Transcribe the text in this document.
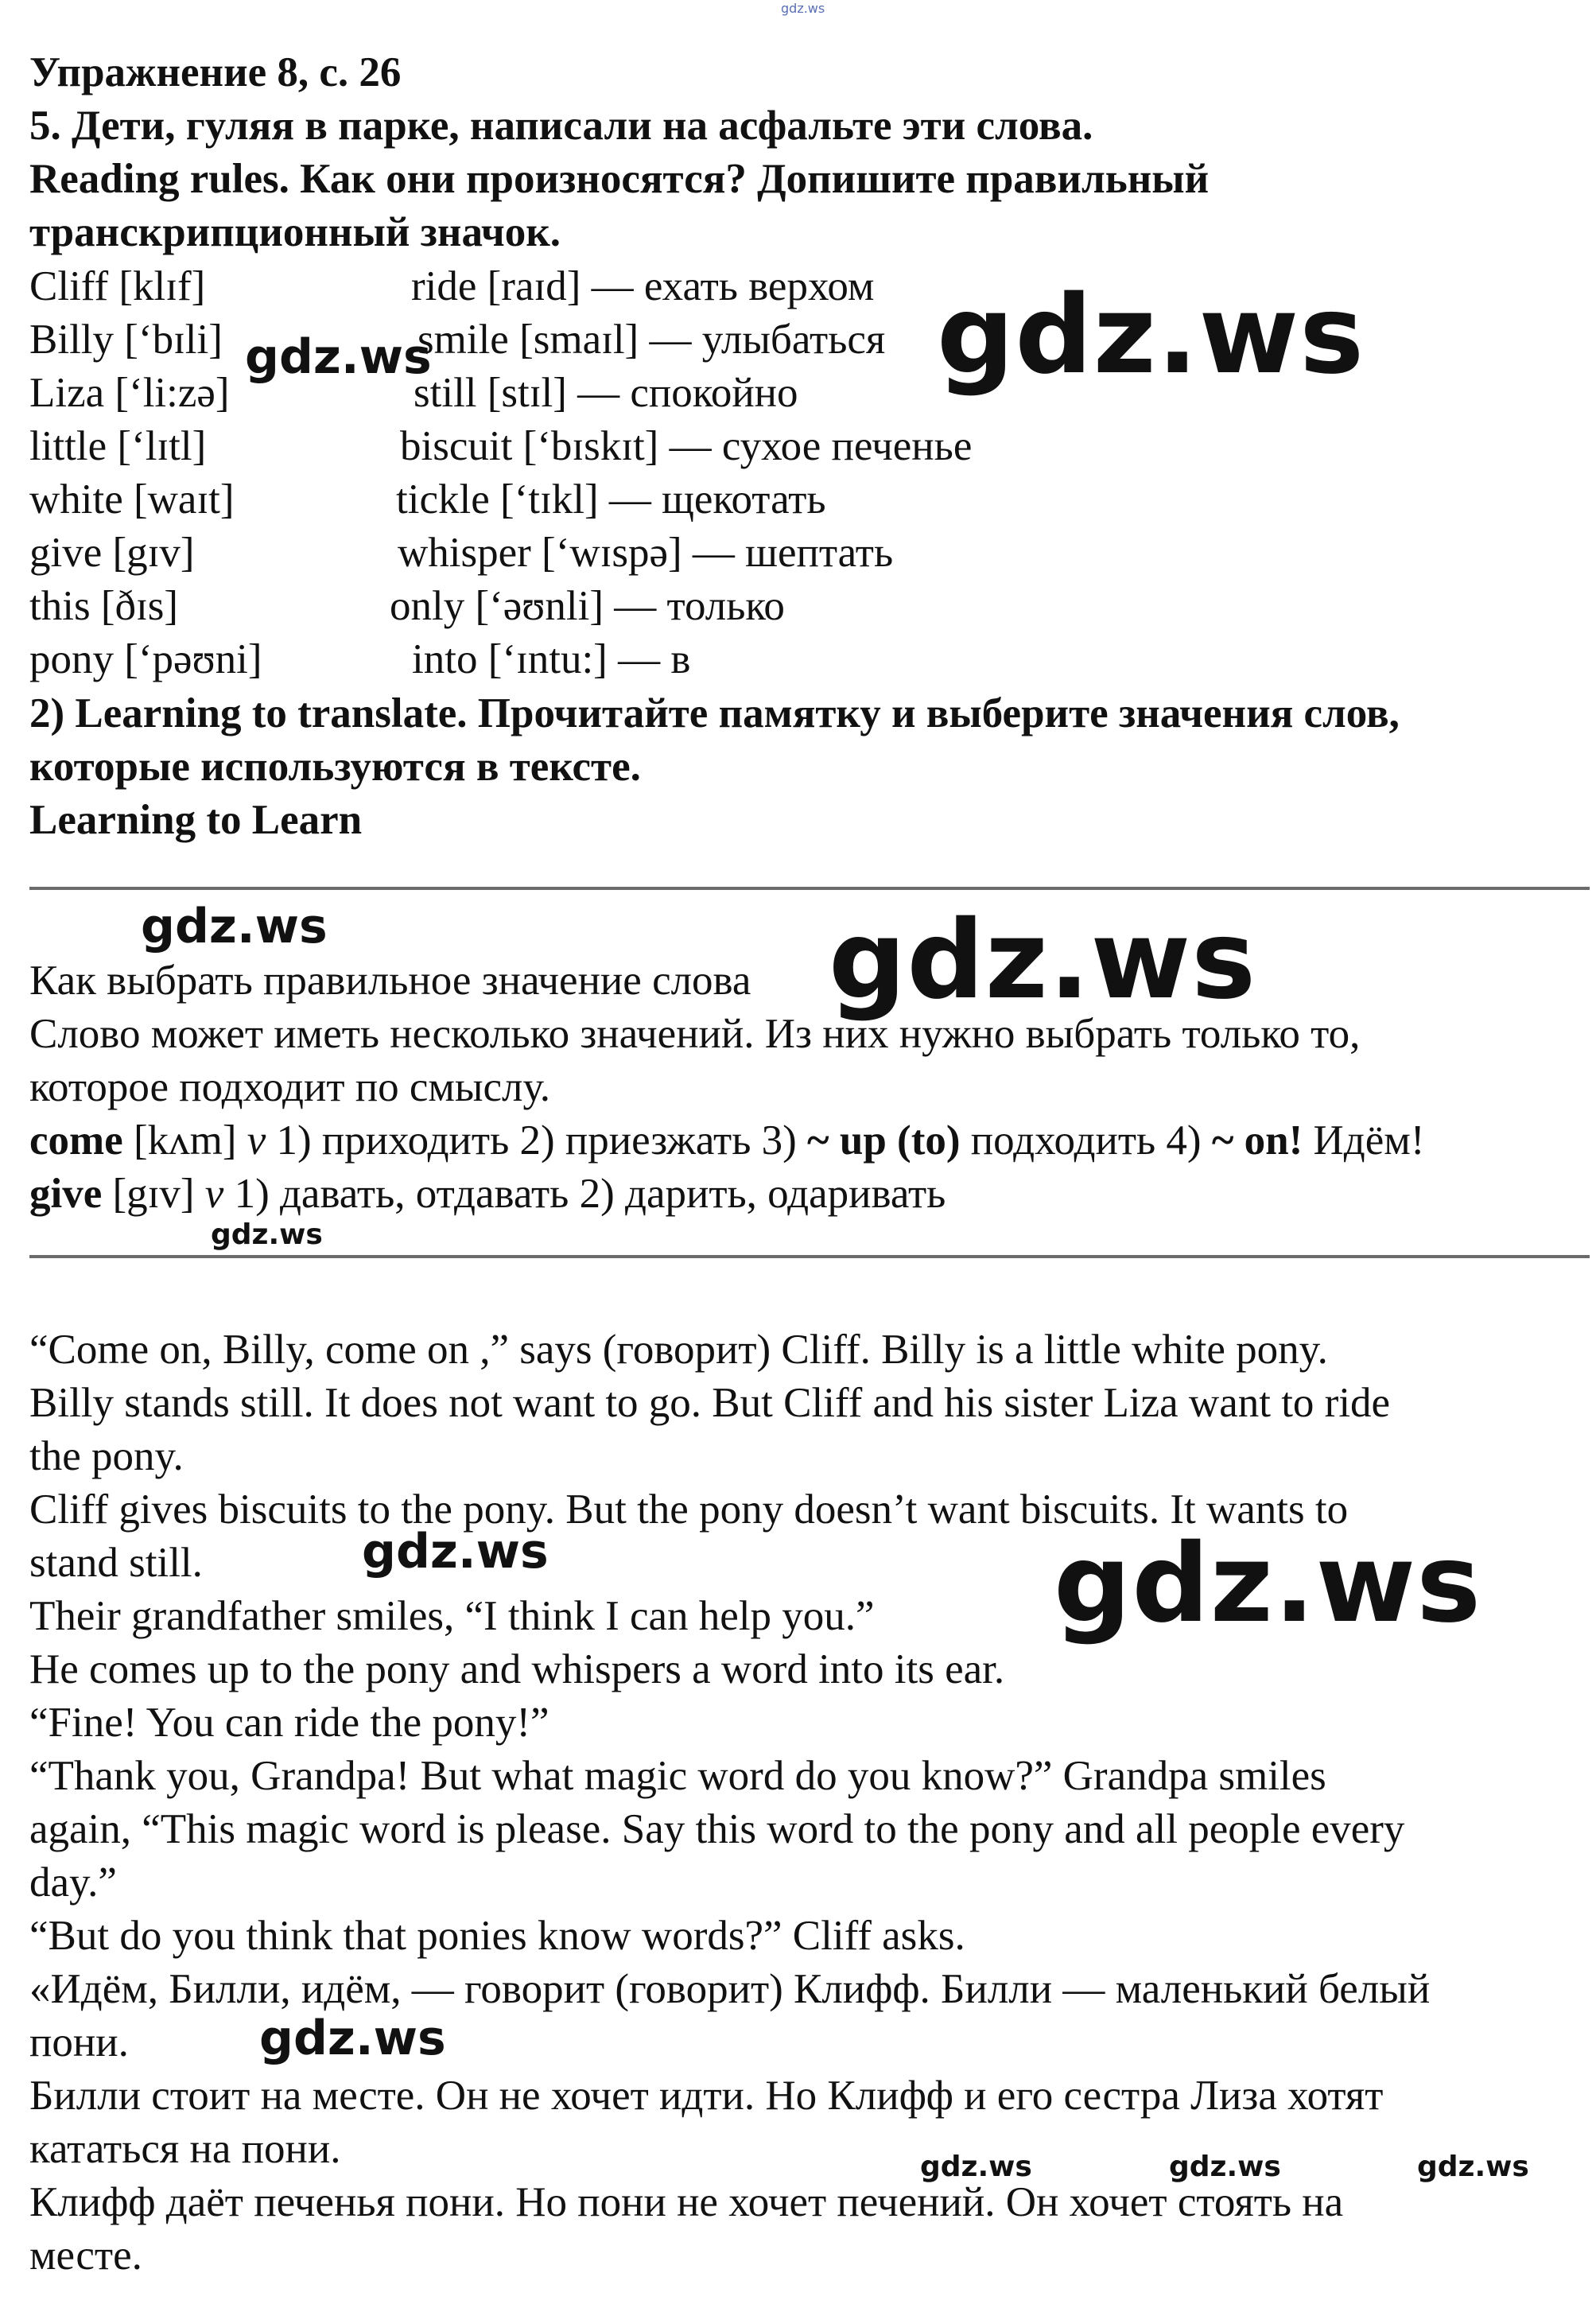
gdz.ws
Упражнение 8, с. 26
5. Дети, гуляя в парке, написали на асфальте эти слова.
Reading rules. Как они произносятся? Допишите правильный
транскрипционный значок.
Cliff [klɪf]	ride [raɪd] — ехать верхом
Billy [‘bɪli]	smile [smaɪl] — улыбаться
Liza [‘li:zə]	still [stɪl] — спокойно
little [‘lɪtl]	biscuit [‘bɪskɪt] — сухое печенье
white [waɪt]	tickle [‘tɪkl] — щекотать
give [gɪv]	whisper [‘wɪspə] — шептать
this [ðɪs]	only [‘əʊnli] — только
pony [‘pəʊni]	into [‘ɪntu:] — в
2) Learning to translate. Прочитайте памятку и выберите значения слов,
которые используются в тексте.
Learning to Learn
Как выбрать правильное значение слова
Слово может иметь несколько значений. Из них нужно выбрать только то,
которое подходит по смыслу.
come [kʌm] v 1) приходить 2) приезжать 3) ~ up (to) подходить 4) ~ on! Идём!
give [gɪv] v 1) давать, отдавать 2) дарить, одаривать
“Come on, Billy, come on ,” says (говорит) Cliff. Billy is a little white pony.
Billy stands still. It does not want to go. But Cliff and his sister Liza want to ride
the pony.
Cliff gives biscuits to the pony. But the pony doesn’t want biscuits. It wants to
stand still.
Their grandfather smiles, “I think I can help you.”
He comes up to the pony and whispers a word into its ear.
“Fine! You can ride the pony!”
“Thank you, Grandpa! But what magic word do you know?” Grandpa smiles
again, “This magic word is please. Say this word to the pony and all people every
day.”
“But do you think that ponies know words?” Cliff asks.
«Идём, Билли, идём, — говорит (говорит) Клифф. Билли — маленький белый
пони.
Билли стоит на месте. Он не хочет идти. Но Клифф и его сестра Лиза хотят
кататься на пони.
Клифф даёт печенья пони. Но пони не хочет печений. Он хочет стоять на
месте.
gdz.ws
gdz.ws
gdz.ws	gdz.ws
gdz.ws
gdz.ws	gdz.ws
gdz.ws
gdz.ws	gdz.ws	gdz.ws
